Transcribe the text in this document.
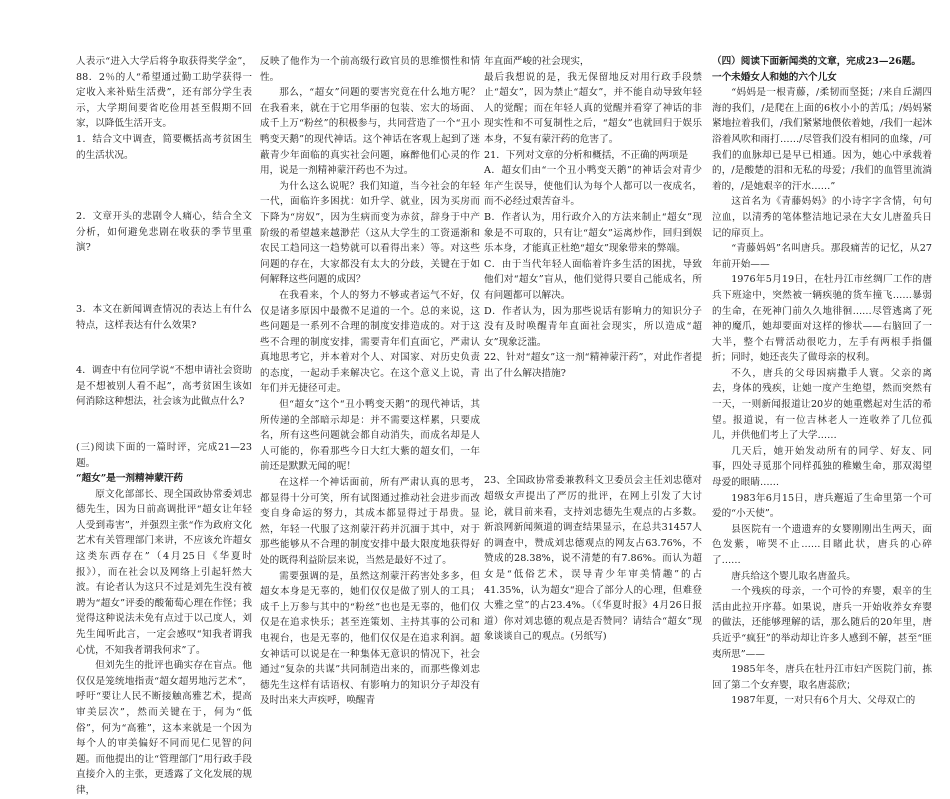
人表示“进入大学后将争取获得奖学金”，88．2％的人“希望通过勤工助学获得一定收入来补贴生活费”，还有部分学生表示，大学期间要省吃俭用甚至假期不回家，以降低生活开支。

1．结合文中调查，简要概括高考贫困生的生活状况。

2．文章开头的悲剧令人痛心，结合全文分析，如何避免悲剧在收获的季节里重演?

3．本文在新闻调查情况的表达上有什么特点，这样表达有什么效果?

4．调查中有位同学说“不想申请社会资助是不想被别人看不起”，高考贫困生该如何消除这种想法，社会该为此做点什么?

(三)阅读下面的一篇时评，完成21—23题。

“超女”是一剂精神蒙汗药

原文化部部长、现全国政协常委刘忠德先生，因为日前高调批评“超女让年轻人受到毒害”，并强烈主张“作为政府文化艺术有关管理部门来讲，不应该允许超女这类东西存在”（4月25日《华夏时报》），而在社会以及网络上引起轩然大波。有论者认为这只不过是刘先生没有被聘为“超女”评委的酸葡萄心理在作怪；我觉得这种说法未免有点过于以己度人，刘先生闻听此言，一定会感叹“知我者谓我心忧，不知我者谓我何求”了。

但刘先生的批评也确实存在盲点。他仅仅是笼统地指责“超女超男地污艺术”，呼吁“要让人民不断接触高雅艺术，提高审美层次”，然而关键在于，何为“低俗”，何为“高雅”，这本来就是一个因为每个人的审美偏好不同而见仁见智的问题。而他提出的让“管理部门”用行政手段直接介入的主张，更透露了文化发展的规律，

反映了他作为一个前高级行政官员的思维惯性和情性。

那么，“超女”问题的要害究竟在什么地方呢？在我看来，就在于它用华丽的包装、宏大的场面、成千上万“粉丝”的积极参与，共同营造了一个“丑小鸭变天鹅”的现代神话。这个神话在客观上起到了迷蔽青少年面临的真实社会问题，麻醉他们心灵的作用，说是一剂精神蒙汗药也不为过。

为什么这么说呢？我们知道，当今社会的年轻一代，面临许多困扰：如升学、就业，因为买房而下降为“房奴”，因为生病而变为赤贫，辞身于中产阶级的希望越来越渺茫（这从大学生的工资遥渐和农民工趋同这一趋势就可以看得出来）等。对这些问题的存在，大家都没有太大的分歧，关键在于如何解释这些问题的成因？

在我看来，个人的努力不够或者运气不好，仅仅是诸多原因中最微不足道的一个。总的来说，这些问题是一系列不合理的制度安排造成的。对于这些不合理的制度安排，需要青年们直面它，严肃认真地思考它，并本着对个人、对国家、对历史负责的态度，一起动手来解决它。在这个意义上说，青年们并无捷径可走。

但“超女”这个“丑小鸭变天鹅”的现代神话，其所传递的全部暗示却是：并不需要这样累，只要成名，所有这些问题就会都自动消失，而成名却是人人可能的，你看那些今日大红大紫的超女们，一年前还是默默无闻的呢！

在这样一个神话面前，所有严肃认真的思考，都显得十分可笑，所有试图通过推动社会进步而改变自身命运的努力，其成本都显得过于昂贵。显然，年轻一代服了这剂蒙汗药并沉湎于其中，对于那些能够从不合理的制度安排中最大限度地获得好处的既得利益阶层来说，当然是最好不过了。

需要强调的是，虽然这剂蒙汗药害处多多，但超女本身是无辜的，她们仅仅是做了别人的工具；成千上万参与其中的“粉丝”也也是无辜的，他们仅仅是在追求快乐；甚至连策划、主持其事的公司和电视台，也是无辜的，他们仅仅是在追求利润。超女神话可以说是在一种集体无意识的情况下，社会通过“复杂的共谋”共同制造出来的，而那些像刘忠德先生这样有话语权、有影响力的知识分子却没有及时出来大声疾呼，唤醒青

年直面严峻的社会现实，

最后我想说的是，我无保留地反对用行政手段禁止“超女”，因为禁止“超女”，并不能自动导致年轻人的觉醒；而在年轻人真的觉醒并看穿了神话的非现实性和不可复制性之后，“超女”也就回归于娱乐本身，不复有蒙汗药的危害了。

21．下列对文章的分析和概括，不正确的两项是

A．超女们由“一个丑小鸭变天鹅”的神话会对青少年产生误导，使他们认为每个人都可以一夜成名，而不必经过艰苦奋斗。

B．作者认为，用行政介入的方法来制止“超女”现象是不可取的，只有让“超女”运离炒作，回归到娱乐本身，才能真正杜绝“超女”现象带来的弊端。

C．由于当代年轻人面临着许多生活的困扰，导致他们对“超女”盲从，他们觉得只要自己能成名，所有问题都可以解决。

D．作者认为，因为那些说话有影响力的知识分子没有及时唤醒青年直面社会现实，所以造成“超女”现象泛滥。

22、针对“超女”这一剂“精神蒙汗药”，对此作者提出了什么解决措施?

23、全国政协常委兼教科文卫委员会主任刘忠德对超级女声提出了严厉的批评，在网上引发了大讨论，就目前来看，支持刘忠德先生观点的占多数。新浪网新闻频道的调查结果显示，在总共31457人的调查中，赞成刘忠德观点的网友占63.76%，不赞成的28.38%，说不清楚的有7.86%。而认为超女是“低俗艺术，误导青少年审美情趣”的占41.35%，认为超女“迎合了部分人的心理，但难登大雅之堂”的占23.4%。（《华夏时报》4月26日报道）你对刘忠德的观点是否赞同？请结合“超女”现象谈谈自己的观点。(另纸写)

（四）阅读下面新闻类的文章，完成23—26题。

一个未婚女人和她的六个儿女

“妈妈是一根青藤，/柔韧而坚挺；/来自丘湖四海的我们，/是爬在上面的6枚小小的苦瓜；/妈妈紧紧地拉着我们，/我们紧紧地偎依着她，/我们一起沐浴着风吹和雨打……/尽管我们没有相同的血缘，/可我们的血脉却已是早已相通。因为，她心中承载着的，/是酸楚的泪和无私的母爱；/我们的血管里流淌着的，/是她艰辛的汗水……”

这首名为《青藤妈妈》的小诗字字含情，句句泣血，以清秀的笔体整洁地记录在大女儿唐盈兵日记的扉页上。

“青藤妈妈”名叫唐兵。那段痛苦的记忆，从27年前开始——

1976年5月19日，在牡丹江市丝绸厂工作的唐兵下班途中，突然被一辆疾驰的货车撞飞……暴弱的生命，在死神门前久久地徘徊……尽管逃离了死神的魔爪，她却要面对这样的惨状——右脑回了一大半，整个右臂活动很吃力，左手有两根手指僵折；同时，她还丧失了做母亲的权利。

不久，唐兵的父母因病撒手人寰。父亲的离去，身体的残疾，让她一度产生绝望，然而突然有一天，一则新闻报道让20岁的她重燃起对生活的希望。报道说，有一位吉林老人一连收养了几位孤儿，并供他们考上了大学……

几天后，她开始发动所有的同学、好友、同事，四处寻觅那个同样孤独的稚嫩生命，那双渴望母爱的眼睛……

1983年6月15日，唐兵邂逅了生命里第一个可爱的“小天使”。

县医院有一个遗遗弃的女婴刚刚出生两天，面色发紫，啼哭不止……目睹此状，唐兵的心碎了……

唐兵给这个婴儿取名唐盈兵。

一个残疾的母亲，一个可怜的弃婴，艰辛的生活由此拉开序幕。如果说，唐兵一开始收养女弃婴的做法，还能够理解的话，那么随后的20年里，唐兵近乎“疯狂”的举动却让许多人感到不解，甚至“匪夷所思”——

1985年冬，唐兵在牡丹江市妇产医院门前，拣回了第二个女弃婴，取名唐蕊欣；

1987年夏，一对只有6个月大、父母双亡的
